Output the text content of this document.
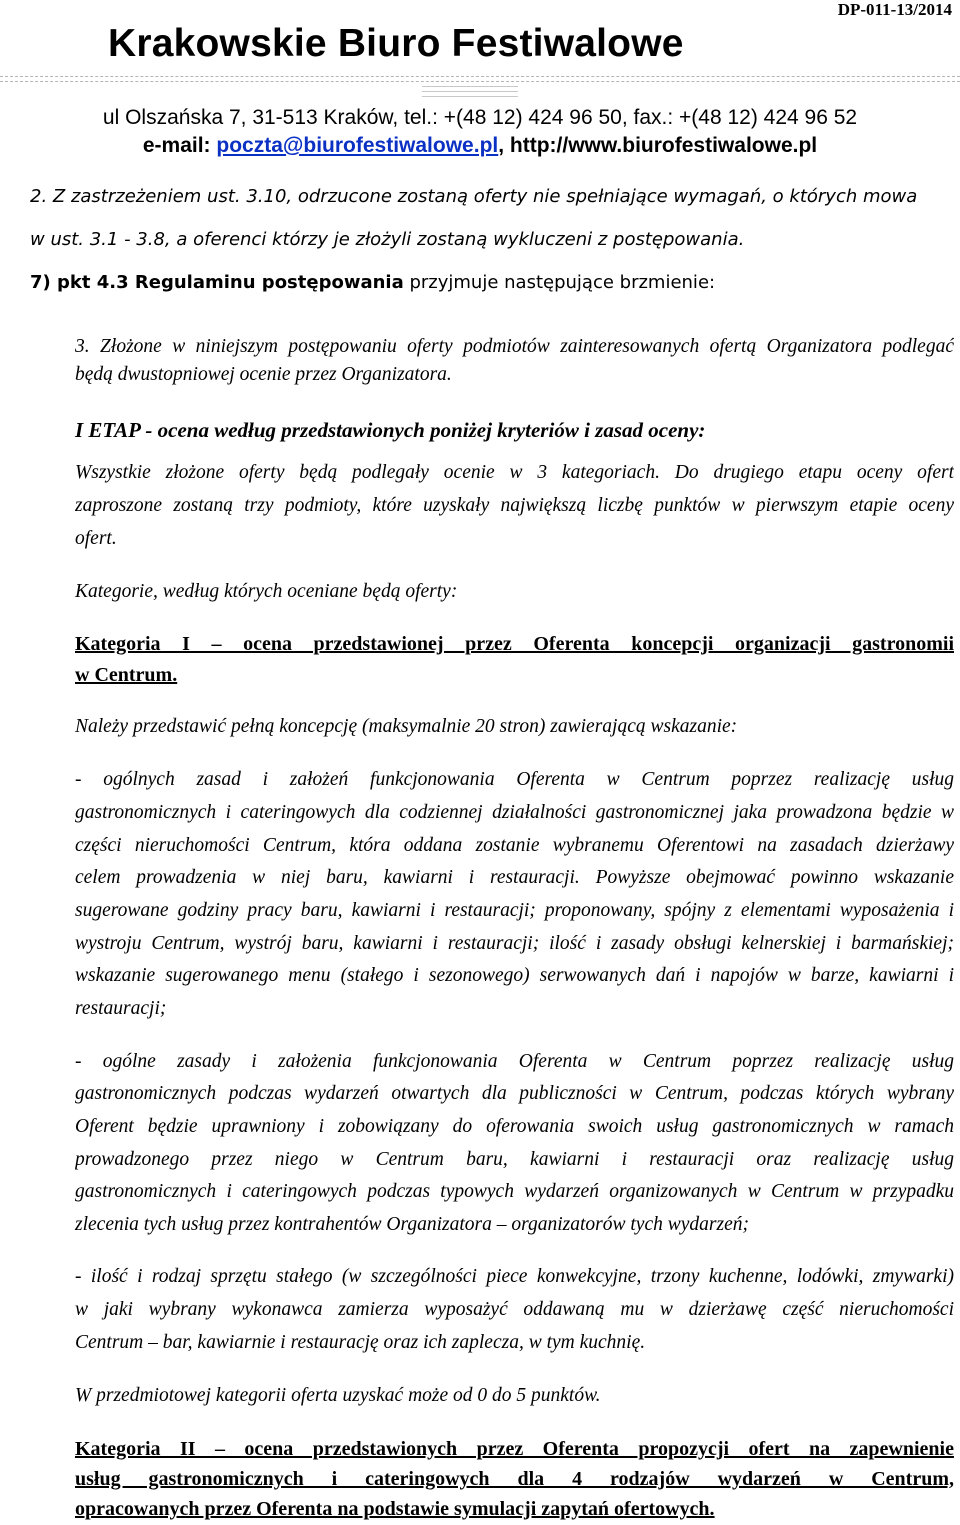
DP-011-13/2014
Krakowskie Biuro Festiwalowe
ul Olszańska 7, 31-513 Kraków, tel.: +(48 12) 424 96 50, fax.: +(48 12) 424 96 52
e-mail: poczta@biurofestiwalowe.pl, http://www.biurofestiwalowe.pl
2. Z zastrzeżeniem ust. 3.10, odrzucone zostaną oferty nie spełniające wymagań, o których mowa
w ust. 3.1 - 3.8, a oferenci którzy je złożyli zostaną wykluczeni z postępowania.
7) pkt 4.3 Regulaminu postępowania przyjmuje następujące brzmienie:
3. Złożone w niniejszym postępowaniu oferty podmiotów zainteresowanych ofertą Organizatora podlegać
będą dwustopniowej ocenie przez Organizatora.
I ETAP - ocena według przedstawionych poniżej kryteriów i zasad oceny:
Wszystkie złożone oferty będą podlegały ocenie w 3 kategoriach. Do drugiego etapu oceny ofert
zaproszone zostaną trzy podmioty, które uzyskały największą liczbę punktów w pierwszym etapie oceny
ofert.
Kategorie, według których oceniane będą oferty:
Kategoria I – ocena przedstawionej przez Oferenta koncepcji organizacji gastronomii
w Centrum.
Należy przedstawić pełną koncepcję (maksymalnie 20 stron) zawierającą wskazanie:
- ogólnych zasad i założeń funkcjonowania Oferenta w Centrum poprzez realizację usług
gastronomicznych i cateringowych dla codziennej działalności gastronomicznej jaka prowadzona będzie w
części nieruchomości Centrum, która oddana zostanie wybranemu Oferentowi na zasadach dzierżawy
celem prowadzenia w niej baru, kawiarni i restauracji. Powyższe obejmować powinno wskazanie
sugerowane godziny pracy baru, kawiarni i restauracji; proponowany, spójny z elementami wyposażenia i
wystroju Centrum, wystrój baru, kawiarni i restauracji; ilość i zasady obsługi kelnerskiej i barmańskiej;
wskazanie sugerowanego menu (stałego i sezonowego) serwowanych dań i napojów w barze, kawiarni i
restauracji;
- ogólne zasady i założenia funkcjonowania Oferenta w Centrum poprzez realizację usług
gastronomicznych podczas wydarzeń otwartych dla publiczności w Centrum, podczas których wybrany
Oferent będzie uprawniony i zobowiązany do oferowania swoich usług gastronomicznych w ramach
prowadzonego przez niego w Centrum baru, kawiarni i restauracji oraz realizację usług
gastronomicznych i cateringowych podczas typowych wydarzeń organizowanych w Centrum w przypadku
zlecenia tych usług przez kontrahentów Organizatora – organizatorów tych wydarzeń;
- ilość i rodzaj sprzętu stałego (w szczególności piece konwekcyjne, trzony kuchenne, lodówki, zmywarki)
w jaki wybrany wykonawca zamierza wyposażyć oddawaną mu w dzierżawę część nieruchomości
Centrum – bar, kawiarnie i restaurację oraz ich zaplecza, w tym kuchnię.
W przedmiotowej kategorii oferta uzyskać może od 0 do 5 punktów.
Kategoria II – ocena przedstawionych przez Oferenta propozycji ofert na zapewnienie
usług gastronomicznych i cateringowych dla 4 rodzajów wydarzeń w Centrum,
opracowanych przez Oferenta na podstawie symulacji zapytań ofertowych.
